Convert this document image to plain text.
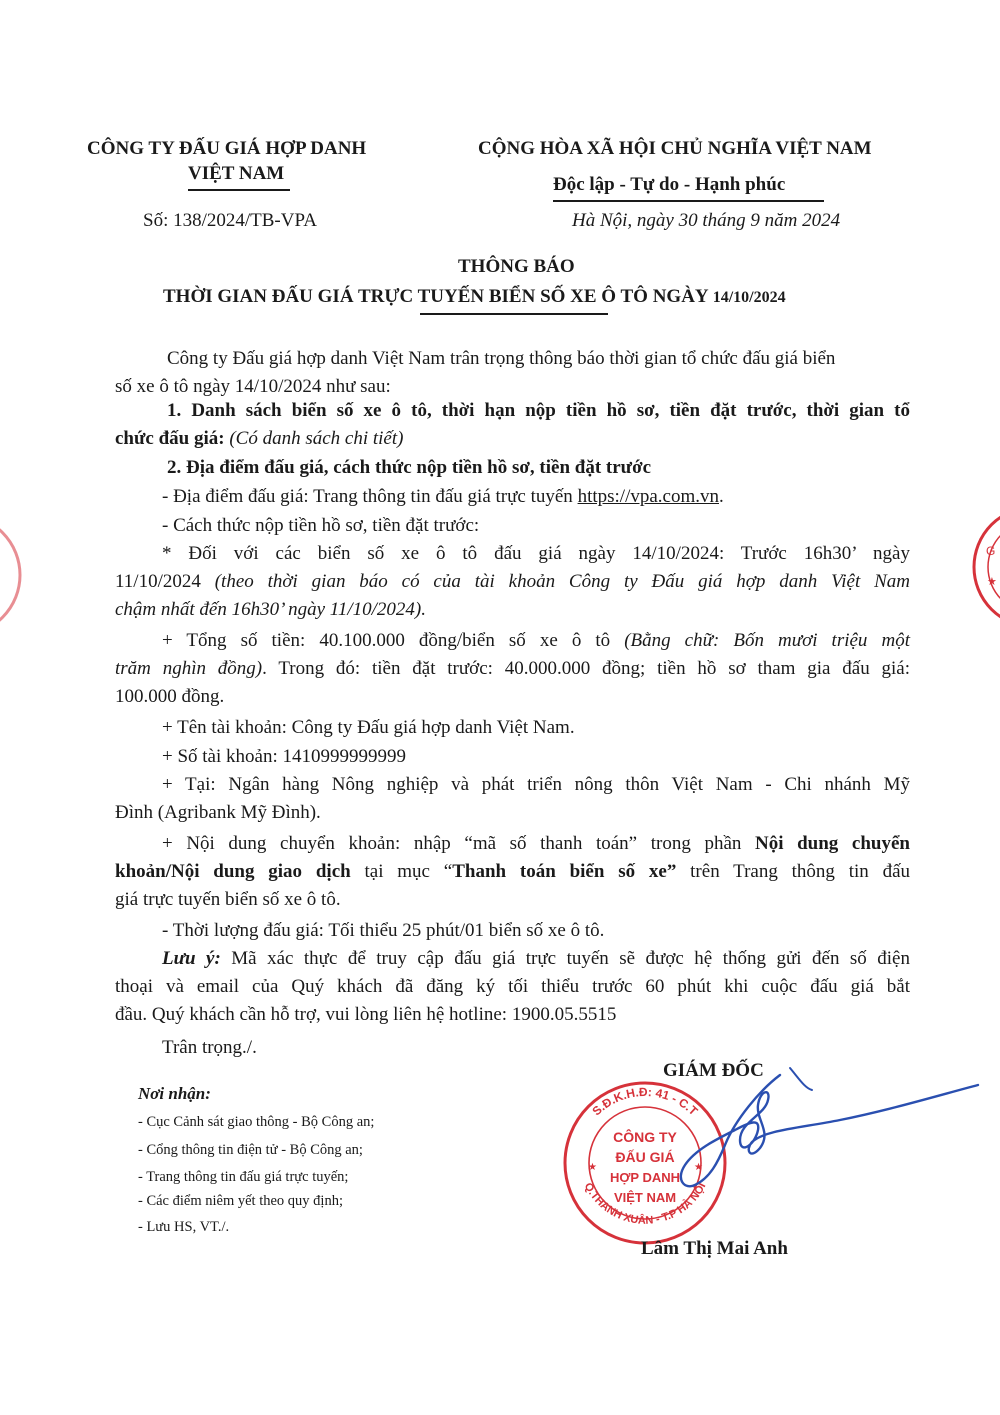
CÔNG TY ĐẤU GIÁ HỢP DANH
VIỆT NAM
Số: 138/2024/TB-VPA
CỘNG HÒA XÃ HỘI CHỦ NGHĨA VIỆT NAM
Độc lập - Tự do - Hạnh phúc
Hà Nội, ngày 30 tháng 9 năm 2024
THÔNG BÁO
THỜI GIAN ĐẤU GIÁ TRỰC TUYẾN BIỂN SỐ XE Ô TÔ NGÀY 14/10/2024
Công ty Đấu giá hợp danh Việt Nam trân trọng thông báo thời gian tổ chức đấu giá biển
số xe ô tô ngày 14/10/2024 như sau:
1. Danh sách biển số xe ô tô, thời hạn nộp tiền hồ sơ, tiền đặt trước, thời gian tổ
chức đấu giá: (Có danh sách chi tiết)
2. Địa điểm đấu giá, cách thức nộp tiền hồ sơ, tiền đặt trước
- Địa điểm đấu giá: Trang thông tin đấu giá trực tuyến https://vpa.com.vn.
- Cách thức nộp tiền hồ sơ, tiền đặt trước:
* Đối với các biển số xe ô tô đấu giá ngày 14/10/2024: Trước 16h30’ ngày
11/10/2024 (theo thời gian báo có của tài khoản Công ty Đấu giá hợp danh Việt Nam
chậm nhất đến 16h30’ ngày 11/10/2024).
+ Tổng số tiền: 40.100.000 đồng/biển số xe ô tô (Bằng chữ: Bốn mươi triệu một
trăm nghìn đồng). Trong đó: tiền đặt trước: 40.000.000 đồng; tiền hồ sơ tham gia đấu giá:
100.000 đồng.
+ Tên tài khoản: Công ty Đấu giá hợp danh Việt Nam.
+ Số tài khoản: 1410999999999
+ Tại: Ngân hàng Nông nghiệp và phát triển nông thôn Việt Nam - Chi nhánh Mỹ
Đình (Agribank Mỹ Đình).
+ Nội dung chuyển khoản: nhập “mã số thanh toán” trong phần Nội dung chuyển
khoản/Nội dung giao dịch tại mục “Thanh toán biển số xe” trên Trang thông tin đấu
giá trực tuyến biển số xe ô tô.
- Thời lượng đấu giá: Tối thiểu 25 phút/01 biển số xe ô tô.
Lưu ý: Mã xác thực để truy cập đấu giá trực tuyến sẽ được hệ thống gửi đến số điện
thoại và email của Quý khách đã đăng ký tối thiểu trước 60 phút khi cuộc đấu giá bắt
đầu. Quý khách cần hỗ trợ, vui lòng liên hệ hotline: 1900.05.5515
Trân trọng./.
Nơi nhận:
- Cục Cảnh sát giao thông - Bộ Công an;
- Cổng thông tin điện tử - Bộ Công an;
- Trang thông tin đấu giá trực tuyến;
- Các điểm niêm yết theo quy định;
- Lưu HS, VT./.
G
★
GIÁM ĐỐC
S.Đ.K.H.Đ: 41 - C.T
Q.THANH XUÂN - T.P HÀ NỘI
CÔNG TY
ĐẤU GIÁ
HỢP DANH
VIỆT NAM
★	★
Lâm Thị Mai Anh
